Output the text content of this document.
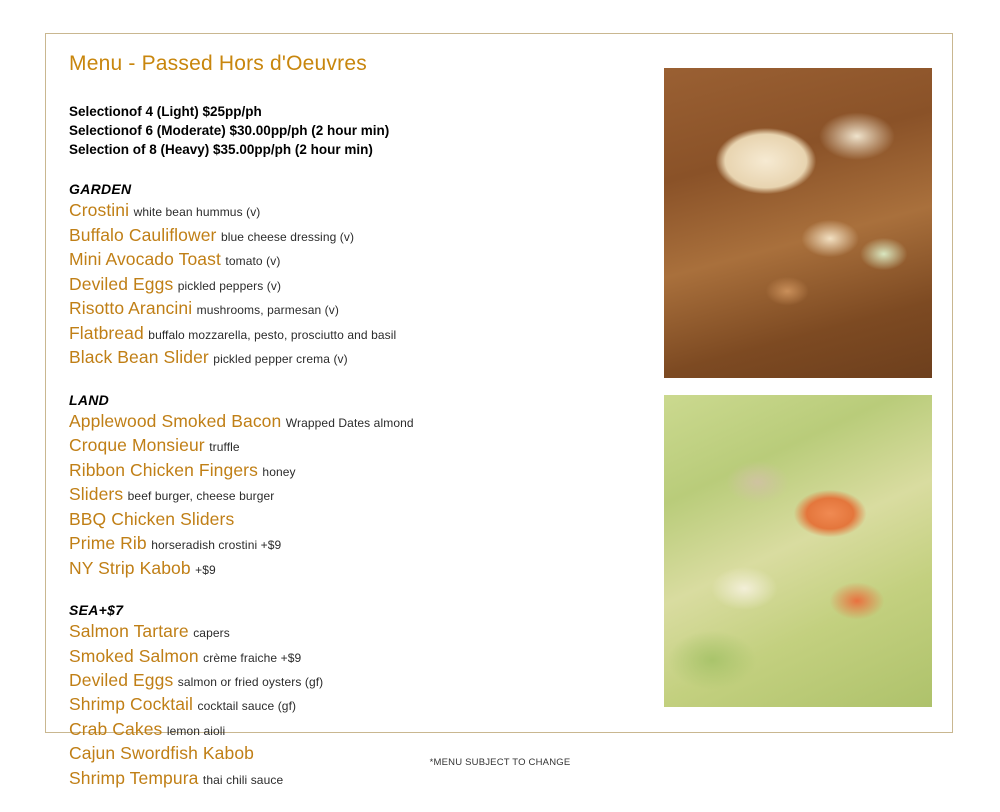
Menu - Passed Hors d'Oeuvres
Selectionof 4 (Light) $25pp/ph
Selectionof 6 (Moderate) $30.00pp/ph (2 hour min)
Selection of 8 (Heavy) $35.00pp/ph (2 hour min)
GARDEN
Crostini white bean hummus (v)
Buffalo Cauliflower blue cheese dressing (v)
Mini Avocado Toast tomato (v)
Deviled Eggs pickled peppers (v)
Risotto Arancini mushrooms, parmesan (v)
Flatbread buffalo mozzarella, pesto, prosciutto and basil
Black Bean Slider pickled pepper crema (v)
LAND
Applewood Smoked Bacon Wrapped Dates almond
Croque Monsieur truffle
Ribbon Chicken Fingers honey
Sliders beef burger, cheese burger
BBQ Chicken Sliders
Prime Rib horseradish crostini +$9
NY Strip Kabob +$9
SEA+$7
Salmon Tartare capers
Smoked Salmon crème fraiche +$9
Deviled Eggs salmon or fried oysters (gf)
Shrimp Cocktail cocktail sauce (gf)
Crab Cakes lemon aioli
Cajun Swordfish Kabob
Shrimp Tempura thai chili sauce
*MENU SUBJECT TO CHANGE
